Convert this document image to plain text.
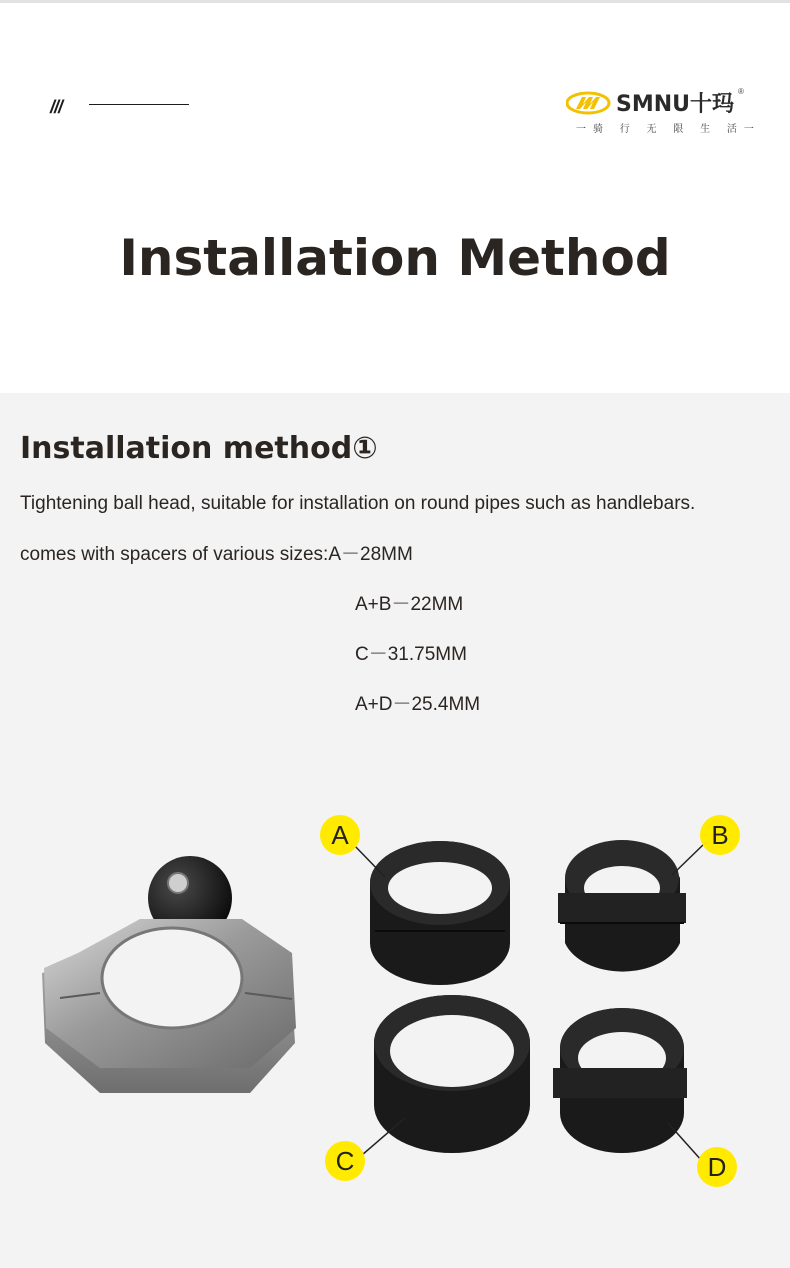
///	SMNU十玛
®
一骑 行 无 限 生 活一
Installation Method
Installation method①
Tightening ball head, suitable for installation on round pipes such as handlebars.
comes with spacers of various sizes:A－28MM
A+B－22MM
C－31.75MM
A+D－25.4MM
A	B
C	D
